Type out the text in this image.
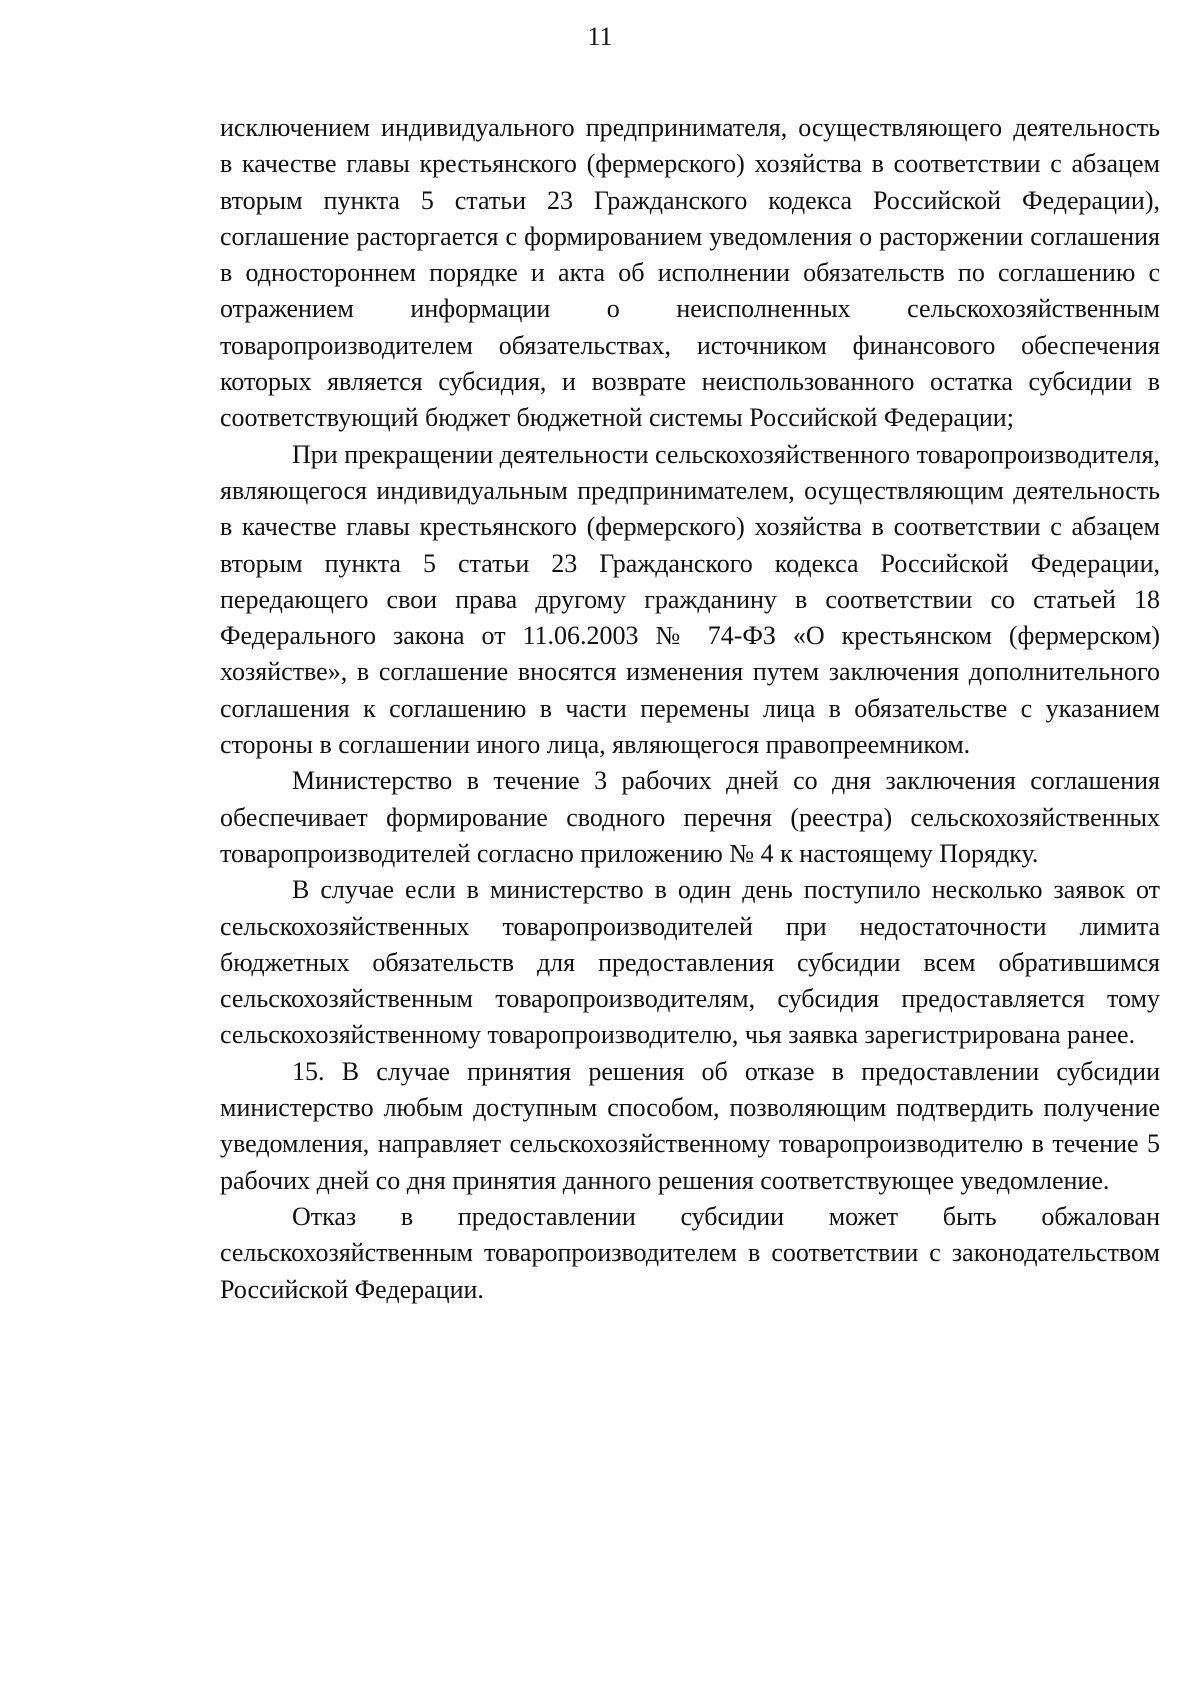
11

исключением индивидуального предпринимателя, осуществляющего деятельность в качестве главы крестьянского (фермерского) хозяйства в соответствии с абзацем вторым пункта 5 статьи 23 Гражданского кодекса Российской Федерации), соглашение расторгается с формированием уведомления о расторжении соглашения в одностороннем порядке и акта об исполнении обязательств по соглашению с отражением информации о неисполненных сельскохозяйственным товаропроизводителем обязательствах, источником финансового обеспечения которых является субсидия, и возврате неиспользованного остатка субсидии в соответствующий бюджет бюджетной системы Российской Федерации;

При прекращении деятельности сельскохозяйственного товаропроизводителя, являющегося индивидуальным предпринимателем, осуществляющим деятельность в качестве главы крестьянского (фермерского) хозяйства в соответствии с абзацем вторым пункта 5 статьи 23 Гражданского кодекса Российской Федерации, передающего свои права другому гражданину в соответствии со статьей 18 Федерального закона от 11.06.2003 № 74-ФЗ «О крестьянском (фермерском) хозяйстве», в соглашение вносятся изменения путем заключения дополнительного соглашения к соглашению в части перемены лица в обязательстве с указанием стороны в соглашении иного лица, являющегося правопреемником.

Министерство в течение 3 рабочих дней со дня заключения соглашения обеспечивает формирование сводного перечня (реестра) сельскохозяйственных товаропроизводителей согласно приложению № 4 к настоящему Порядку.

В случае если в министерство в один день поступило несколько заявок от сельскохозяйственных товаропроизводителей при недостаточности лимита бюджетных обязательств для предоставления субсидии всем обратившимся сельскохозяйственным товаропроизводителям, субсидия предоставляется тому сельскохозяйственному товаропроизводителю, чья заявка зарегистрирована ранее.

15. В случае принятия решения об отказе в предоставлении субсидии министерство любым доступным способом, позволяющим подтвердить получение уведомления, направляет сельскохозяйственному товаропроизводителю в течение 5 рабочих дней со дня принятия данного решения соответствующее уведомление.

Отказ в предоставлении субсидии может быть обжалован сельскохозяйственным товаропроизводителем в соответствии с законодательством Российской Федерации.
